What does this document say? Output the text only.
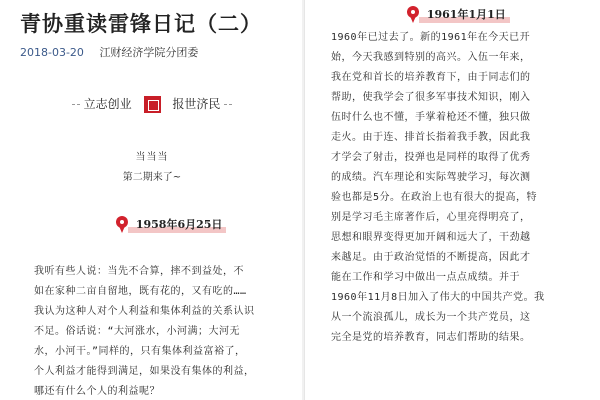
青协重读雷锋日记（二）
2018-03-20 江财经济学院分团委
立志创业	报世济民
当当当
第二期来了~
1958年6月25日
我听有些人说：当先不合算，摔不到益处，不
如在家种二亩自留地，既有花的，又有吃的……
我认为这种人对个人利益和集体利益的关系认识
不足。俗话说：“大河涨水，小河满；大河无
水，小河干。”同样的，只有集体利益富裕了，
个人利益才能得到满足，如果没有集体的利益，
哪还有什么个人的利益呢？
1961年1月1日
1960年已过去了。新的1961年在今天已开
始，今天我感到特别的高兴。入伍一年来，
我在党和首长的培养教育下，由于同志们的
帮助，使我学会了很多军事技术知识，刚入
伍时什么也不懂，手掌着枪还不懂，独只做
走火。由于连、排首长指着我手教，因此我
才学会了射击，投弹也是同样的取得了优秀
的成绩。汽车理论和实际驾驶学习，每次测
验也都是5分。在政治上也有很大的提高，特
别是学习毛主席著作后，心里亮得明亮了，
思想和眼界变得更加开阔和远大了，干劲越
来越足。由于政治觉悟的不断提高，因此才
能在工作和学习中做出一点点成绩。并于
1960年11月8日加入了伟大的中国共产党。我
从一个流浪孤儿，成长为一个共产党员，这
完全是党的培养教育，同志们帮助的结果。
